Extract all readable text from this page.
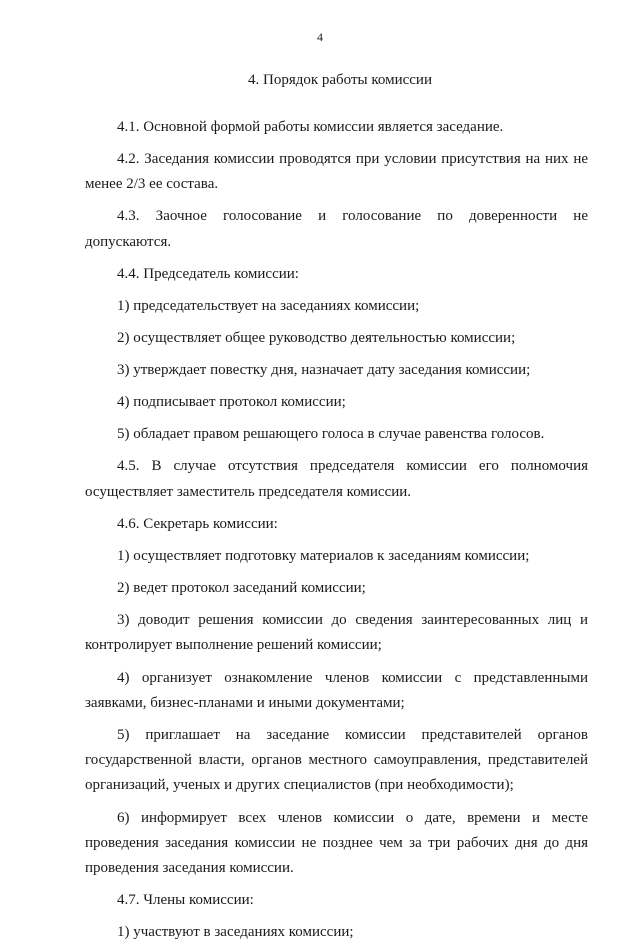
4
4. Порядок работы комиссии

4.1. Основной формой работы комиссии является заседание.

4.2. Заседания комиссии проводятся при условии присутствия на них не менее 2/3 ее состава.

4.3. Заочное голосование и голосование по доверенности не допускаются.

4.4. Председатель комиссии:

1) председательствует на заседаниях комиссии;

2) осуществляет общее руководство деятельностью комиссии;

3) утверждает повестку дня, назначает дату заседания комиссии;

4) подписывает протокол комиссии;

5) обладает правом решающего голоса в случае равенства голосов.

4.5. В случае отсутствия председателя комиссии его полномочия осуществляет заместитель председателя комиссии.

4.6. Секретарь комиссии:

1) осуществляет подготовку материалов к заседаниям комиссии;

2) ведет протокол заседаний комиссии;

3) доводит решения комиссии до сведения заинтересованных лиц и контролирует выполнение решений комиссии;

4) организует ознакомление членов комиссии с представленными заявками, бизнес-планами и иными документами;

5) приглашает на заседание комиссии представителей органов государственной власти, органов местного самоуправления, представителей организаций, ученых и других специалистов (при необходимости);

6) информирует всех членов комиссии о дате, времени и месте проведения заседания комиссии не позднее чем за три рабочих дня до дня проведения заседания комиссии.

4.7. Члены комиссии:

1) участвуют в заседаниях комиссии;
